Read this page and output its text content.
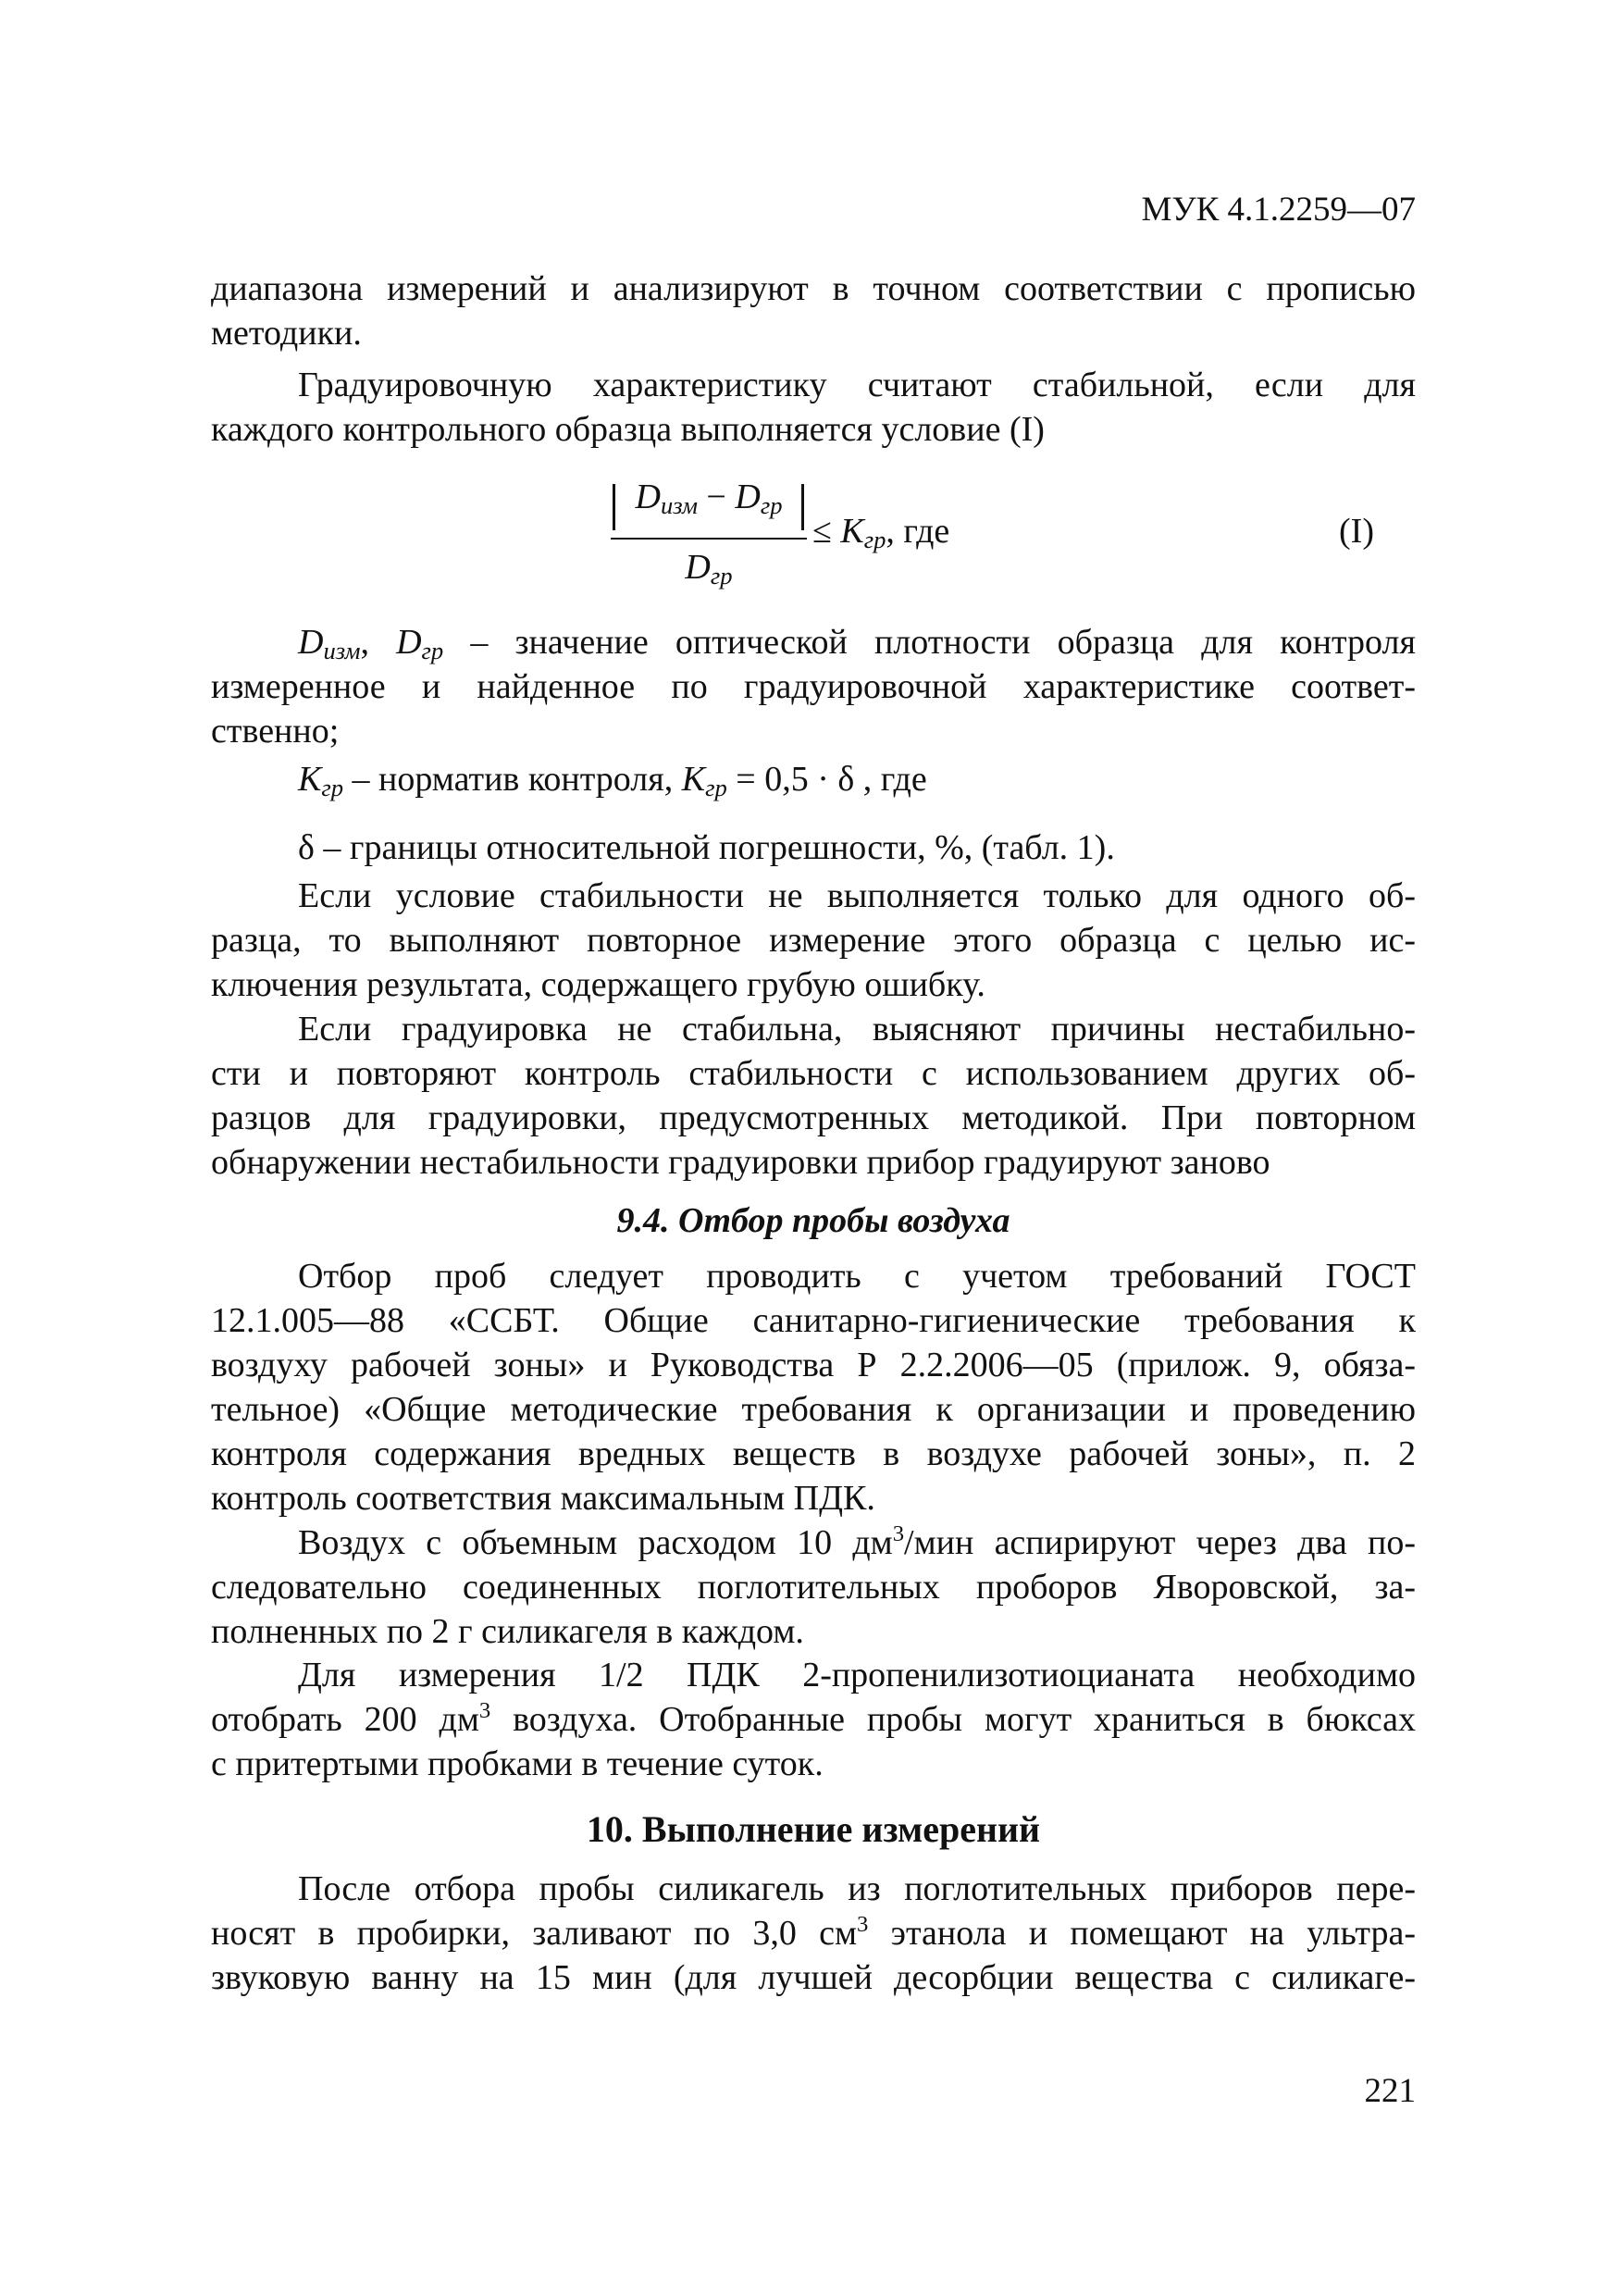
МУК 4.1.2259—07
диапазона измерений и анализируют в точном соответствии с прописью
методики.
Градуировочную характеристику считают стабильной, если для
каждого контрольного образца выполняется условие (I)
$D_{изм} - D_{гр}$
$D_{гр}$
≤ $K_{гр}$, где	(I)
$D_{изм}$, $D_{гр}$ – значение оптической плотности образца для контроля
измеренное и найденное по градуировочной характеристике соответ-
ственно;
$K_{гр}$ – норматив контроля, $K_{гр} = 0,5 \cdot \delta$ , где
δ – границы относительной погрешности, %, (табл. 1).
Если условие стабильности не выполняется только для одного об-
разца, то выполняют повторное измерение этого образца с целью ис-
ключения результата, содержащего грубую ошибку.
Если градуировка не стабильна, выясняют причины нестабильно-
сти и повторяют контроль стабильности с использованием других об-
разцов для градуировки, предусмотренных методикой. При повторном
обнаружении нестабильности градуировки прибор градуируют заново
9.4. Отбор пробы воздуха
Отбор проб следует проводить с учетом требований ГОСТ
12.1.005—88 «ССБТ. Общие санитарно-гигиенические требования к
воздуху рабочей зоны» и Руководства Р 2.2.2006—05 (прилож. 9, обяза-
тельное) «Общие методические требования к организации и проведению
контроля содержания вредных веществ в воздухе рабочей зоны», п. 2
контроль соответствия максимальным ПДК.
Воздух с объемным расходом 10 $дм^3$/мин аспирируют через два по-
следовательно соединенных поглотительных проборов Яворовской, за-
полненных по 2 г силикагеля в каждом.
Для измерения 1/2 ПДК 2-пропенилизотиоцианата необходимо
отобрать 200 $дм^3$ воздуха. Отобранные пробы могут храниться в бюксах
с притертыми пробками в течение суток.
10. Выполнение измерений
После отбора пробы силикагель из поглотительных приборов пере-
носят в пробирки, заливают по 3,0 $см^3$ этанола и помещают на ультра-
звуковую ванну на 15 мин (для лучшей десорбции вещества с силикаге-
221
